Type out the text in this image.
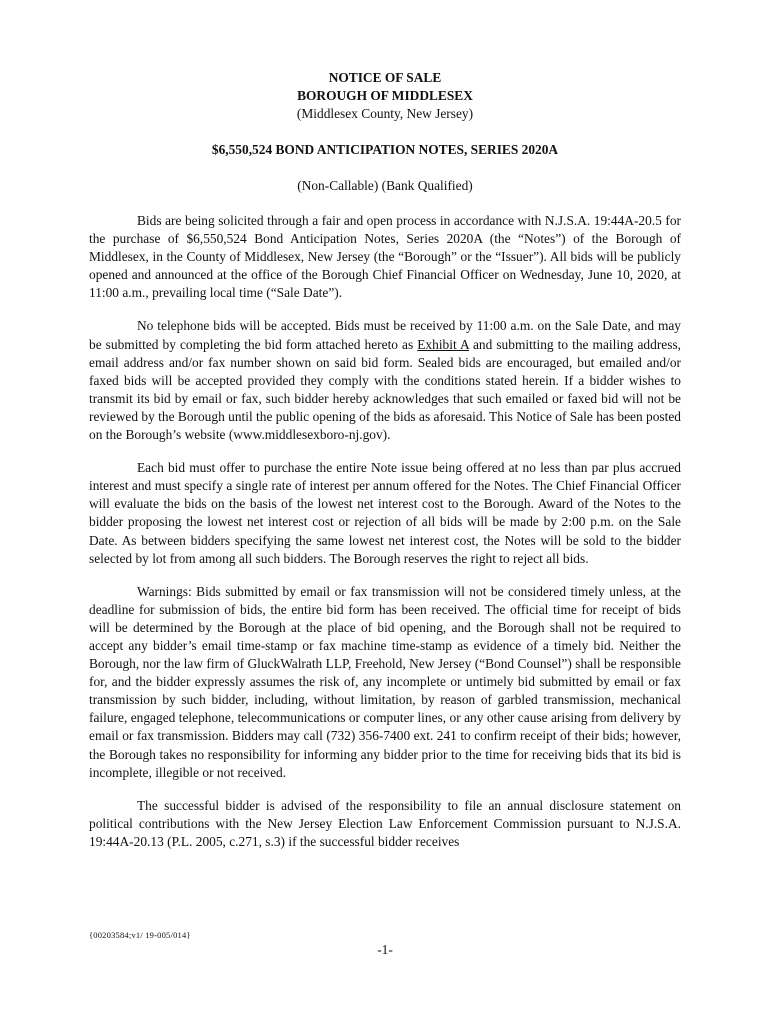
NOTICE OF SALE
BOROUGH OF MIDDLESEX
(Middlesex County, New Jersey)
$6,550,524 BOND ANTICIPATION NOTES, SERIES 2020A
(Non-Callable) (Bank Qualified)

Bids are being solicited through a fair and open process in accordance with N.J.S.A. 19:44A-20.5 for the purchase of $6,550,524 Bond Anticipation Notes, Series 2020A (the “Notes”) of the Borough of Middlesex, in the County of Middlesex, New Jersey (the “Borough” or the “Issuer”). All bids will be publicly opened and announced at the office of the Borough Chief Financial Officer on Wednesday, June 10, 2020, at 11:00 a.m., prevailing local time (“Sale Date”).

No telephone bids will be accepted. Bids must be received by 11:00 a.m. on the Sale Date, and may be submitted by completing the bid form attached hereto as Exhibit A and submitting to the mailing address, email address and/or fax number shown on said bid form. Sealed bids are encouraged, but emailed and/or faxed bids will be accepted provided they comply with the conditions stated herein. If a bidder wishes to transmit its bid by email or fax, such bidder hereby acknowledges that such emailed or faxed bid will not be reviewed by the Borough until the public opening of the bids as aforesaid. This Notice of Sale has been posted on the Borough’s website (www.middlesexboro-nj.gov).

Each bid must offer to purchase the entire Note issue being offered at no less than par plus accrued interest and must specify a single rate of interest per annum offered for the Notes. The Chief Financial Officer will evaluate the bids on the basis of the lowest net interest cost to the Borough. Award of the Notes to the bidder proposing the lowest net interest cost or rejection of all bids will be made by 2:00 p.m. on the Sale Date. As between bidders specifying the same lowest net interest cost, the Notes will be sold to the bidder selected by lot from among all such bidders. The Borough reserves the right to reject all bids.

Warnings: Bids submitted by email or fax transmission will not be considered timely unless, at the deadline for submission of bids, the entire bid form has been received. The official time for receipt of bids will be determined by the Borough at the place of bid opening, and the Borough shall not be required to accept any bidder’s email time-stamp or fax machine time-stamp as evidence of a timely bid. Neither the Borough, nor the law firm of GluckWalrath LLP, Freehold, New Jersey (“Bond Counsel”) shall be responsible for, and the bidder expressly assumes the risk of, any incomplete or untimely bid submitted by email or fax transmission by such bidder, including, without limitation, by reason of garbled transmission, mechanical failure, engaged telephone, telecommunications or computer lines, or any other cause arising from delivery by email or fax transmission. Bidders may call (732) 356-7400 ext. 241 to confirm receipt of their bids; however, the Borough takes no responsibility for informing any bidder prior to the time for receiving bids that its bid is incomplete, illegible or not received.

The successful bidder is advised of the responsibility to file an annual disclosure statement on political contributions with the New Jersey Election Law Enforcement Commission pursuant to N.J.S.A. 19:44A-20.13 (P.L. 2005, c.271, s.3) if the successful bidder receives

{00203584;v1/ 19-005/014}
-1-
